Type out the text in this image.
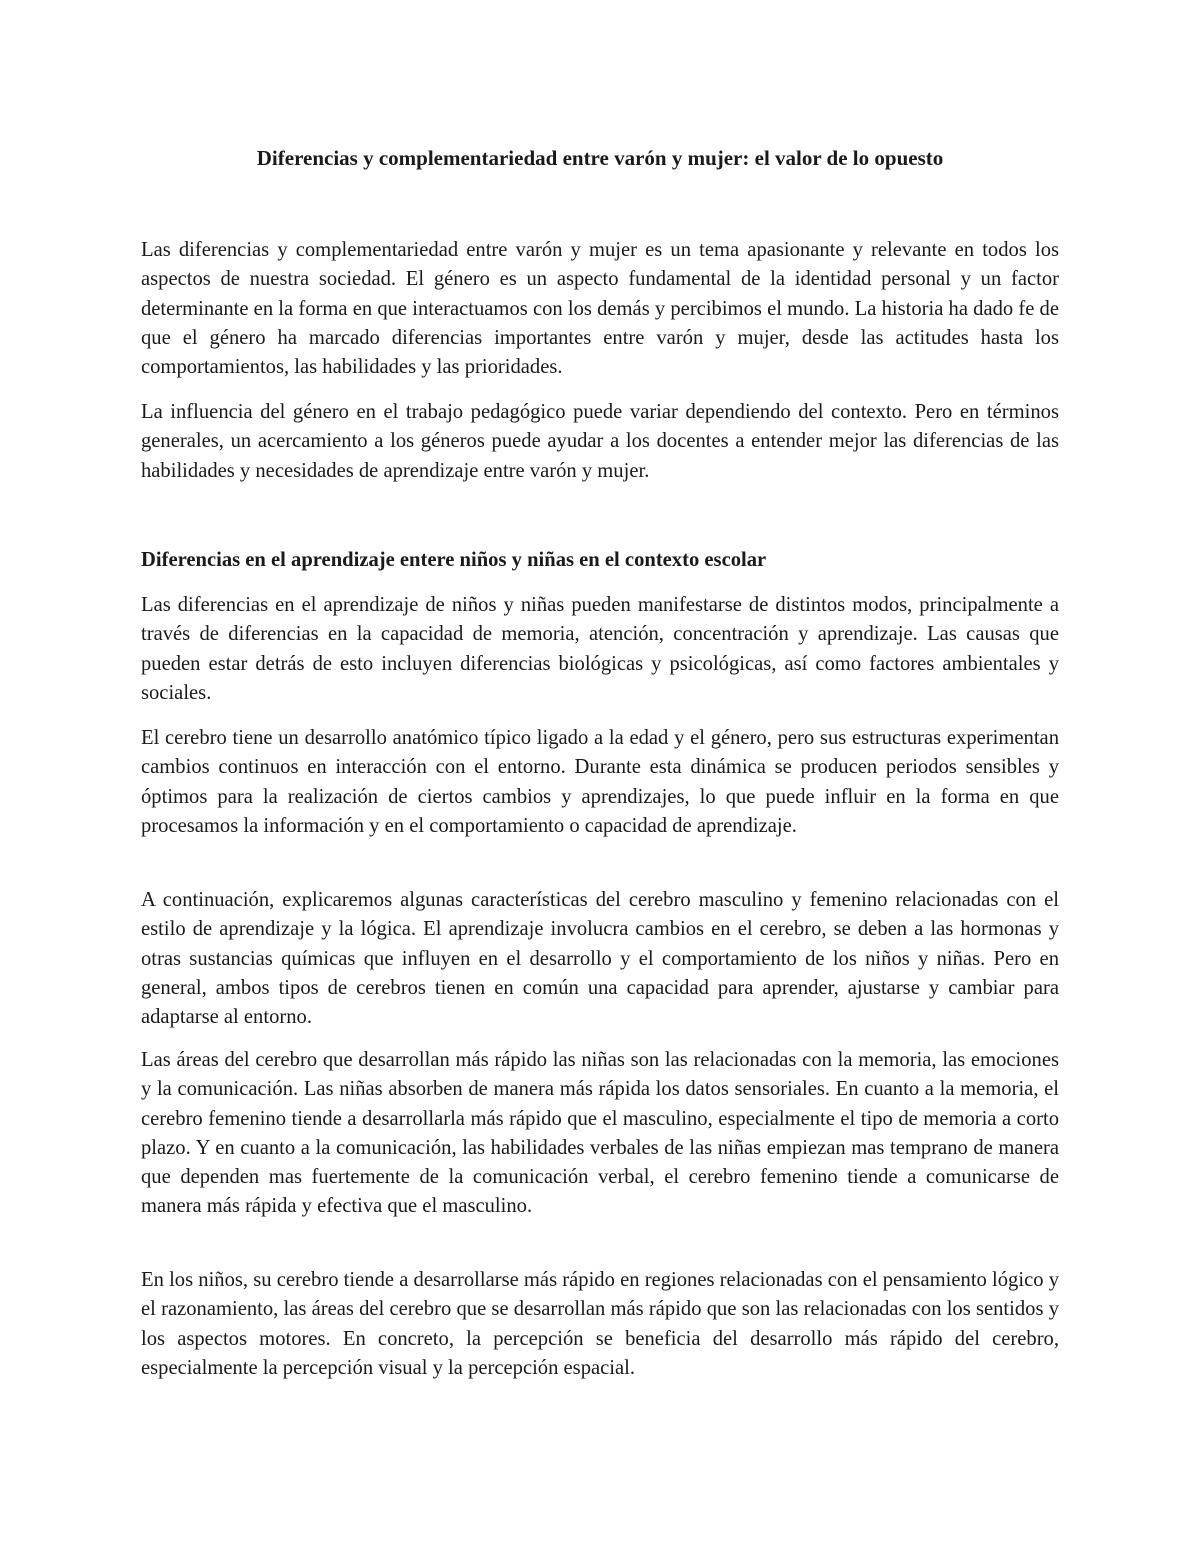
Diferencias y complementariedad entre varón y mujer: el valor de lo opuesto

Las diferencias y complementariedad entre varón y mujer es un tema apasionante y relevante en todos los aspectos de nuestra sociedad. El género es un aspecto fundamental de la identidad personal y un factor determinante en la forma en que interactuamos con los demás y percibimos el mundo. La historia ha dado fe de que el género ha marcado diferencias importantes entre varón y mujer, desde las actitudes hasta los comportamientos, las habilidades y las prioridades.

La influencia del género en el trabajo pedagógico puede variar dependiendo del contexto. Pero en términos generales, un acercamiento a los géneros puede ayudar a los docentes a entender mejor las diferencias de las habilidades y necesidades de aprendizaje entre varón y mujer.

Diferencias en el aprendizaje entere niños y niñas en el contexto escolar

Las diferencias en el aprendizaje de niños y niñas pueden manifestarse de distintos modos, principalmente a través de diferencias en la capacidad de memoria, atención, concentración y aprendizaje. Las causas que pueden estar detrás de esto incluyen diferencias biológicas y psicológicas, así como factores ambientales y sociales.

El cerebro tiene un desarrollo anatómico típico ligado a la edad y el género, pero sus estructuras experimentan cambios continuos en interacción con el entorno. Durante esta dinámica se producen periodos sensibles y óptimos para la realización de ciertos cambios y aprendizajes, lo que puede influir en la forma en que procesamos la información y en el comportamiento o capacidad de aprendizaje.

A continuación, explicaremos algunas características del cerebro masculino y femenino relacionadas con el estilo de aprendizaje y la lógica. El aprendizaje involucra cambios en el cerebro, se deben a las hormonas y otras sustancias químicas que influyen en el desarrollo y el comportamiento de los niños y niñas. Pero en general, ambos tipos de cerebros tienen en común una capacidad para aprender, ajustarse y cambiar para adaptarse al entorno.

Las áreas del cerebro que desarrollan más rápido las niñas son las relacionadas con la memoria, las emociones y la comunicación. Las niñas absorben de manera más rápida los datos sensoriales. En cuanto a la memoria, el cerebro femenino tiende a desarrollarla más rápido que el masculino, especialmente el tipo de memoria a corto plazo. Y en cuanto a la comunicación, las habilidades verbales de las niñas empiezan mas temprano de manera que dependen mas fuertemente de la comunicación verbal, el cerebro femenino tiende a comunicarse de manera más rápida y efectiva que el masculino.

En los niños, su cerebro tiende a desarrollarse más rápido en regiones relacionadas con el pensamiento lógico y el razonamiento, las áreas del cerebro que se desarrollan más rápido que son las relacionadas con los sentidos y los aspectos motores. En concreto, la percepción se beneficia del desarrollo más rápido del cerebro, especialmente la percepción visual y la percepción espacial.
